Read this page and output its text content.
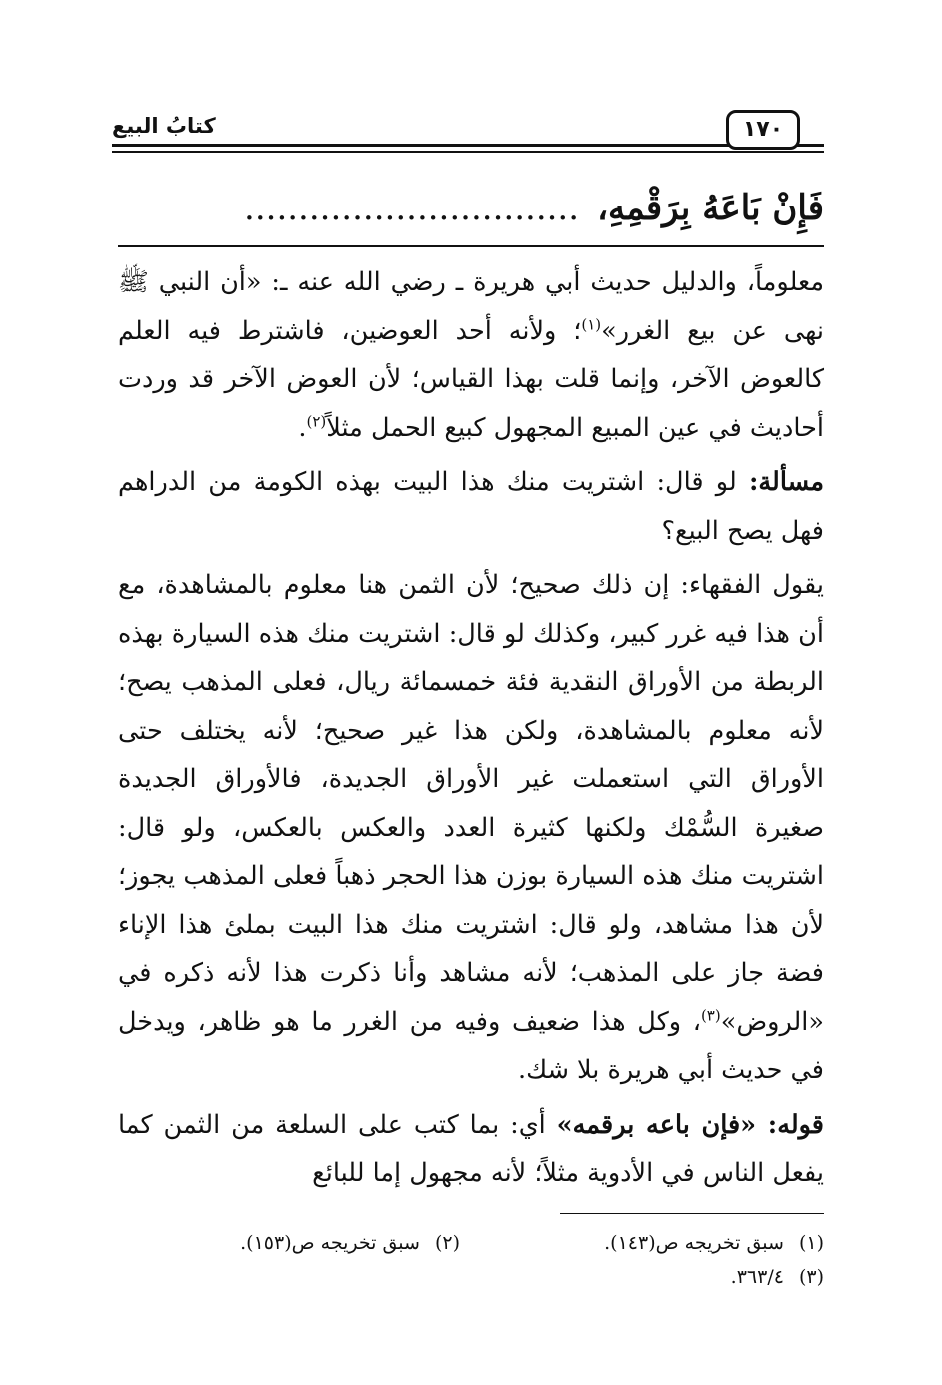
كتابُ البيع	١٧٠
فَإِنْ بَاعَهُ بِرَقْمِهِ،...............................

معلوماً، والدليل حديث أبي هريرة ـ رضي الله عنه ـ: «أن النبي ﷺ نهى عن بيع الغرر»$^{(١)}$؛ ولأنه أحد العوضين، فاشترط فيه العلم كالعوض الآخر، وإنما قلت بهذا القياس؛ لأن العوض الآخر قد وردت أحاديث في عين المبيع المجهول كبيع الحمل مثلاً$^{(٢)}$.

مسألة: لو قال: اشتريت منك هذا البيت بهذه الكومة من الدراهم فهل يصح البيع؟

يقول الفقهاء: إن ذلك صحيح؛ لأن الثمن هنا معلوم بالمشاهدة، مع أن هذا فيه غرر كبير، وكذلك لو قال: اشتريت منك هذه السيارة بهذه الربطة من الأوراق النقدية فئة خمسمائة ريال، فعلى المذهب يصح؛ لأنه معلوم بالمشاهدة، ولكن هذا غير صحيح؛ لأنه يختلف حتى الأوراق التي استعملت غير الأوراق الجديدة، فالأوراق الجديدة صغيرة السُّمْك ولكنها كثيرة العدد والعكس بالعكس، ولو قال: اشتريت منك هذه السيارة بوزن هذا الحجر ذهباً فعلى المذهب يجوز؛ لأن هذا مشاهد، ولو قال: اشتريت منك هذا البيت بملئ هذا الإناء فضة جاز على المذهب؛ لأنه مشاهد وأنا ذكرت هذا لأنه ذكره في «الروض»$^{(٣)}$، وكل هذا ضعيف وفيه من الغرر ما هو ظاهر، ويدخل في حديث أبي هريرة بلا شك.

قوله: «فإن باعه برقمه» أي: بما كتب على السلعة من الثمن كما يفعل الناس في الأدوية مثلاً؛ لأنه مجهول إما للبائع

(١) سبق تخريجه ص(١٤٣).
(٢) سبق تخريجه ص(١٥٣).
(٣) ٣٦٣/٤.
